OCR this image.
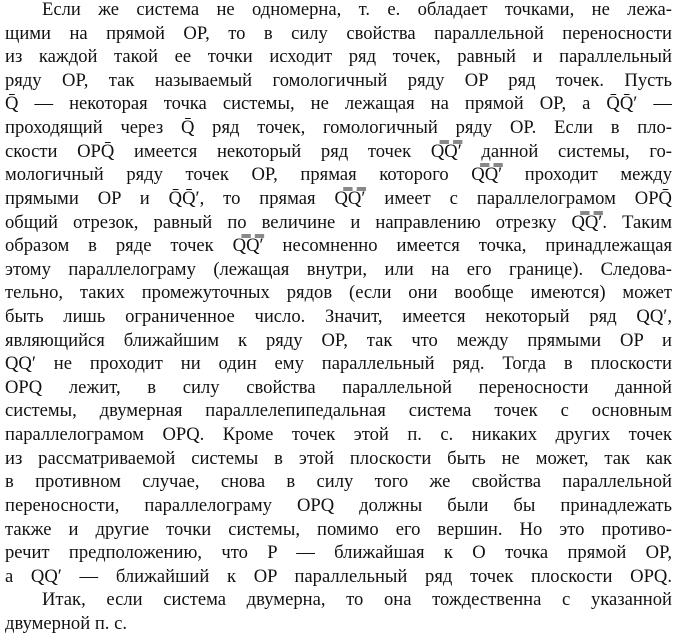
Если же система не одномерна, т. е. обладает точками, не лежа-
щими на прямой OP, то в силу свойства параллельной переносности
из каждой такой ее точки исходит ряд точек, равный и параллельный
ряду OP, так называемый гомологичный ряду OP ряд точек. Пусть
Q̄ — некоторая точка системы, не лежащая на прямой OP, а Q̄Q̄′ —
проходящий через Q̄ ряд точек, гомологичный ряду OP. Если в пло-
скости OPQ̄ имеется некоторый ряд точек Q̿Q̿′ данной системы, го-
мологичный ряду точек OP, прямая которого Q̿Q̿′ проходит между
прямыми OP и Q̄Q̄′, то прямая Q̿Q̿′ имеет с параллелограмом OPQ̄
общий отрезок, равный по величине и направлению отрезку Q̿Q̿′. Таким
образом в ряде точек Q̿Q̿′ несомненно имеется точка, принадлежащая
этому параллелограму (лежащая внутри, или на его границе). Следова-
тельно, таких промежуточных рядов (если они вообще имеются) может
быть лишь ограниченное число. Значит, имеется некоторый ряд QQ′,
являющийся ближайшим к ряду OP, так что между прямыми OP и
QQ′ не проходит ни один ему параллельный ряд. Тогда в плоскости
OPQ лежит, в силу свойства параллельной переносности данной
системы, двумерная параллелепипедальная система точек с основным
параллелограмом OPQ. Кроме точек этой п. с. никаких других точек
из рассматриваемой системы в этой плоскости быть не может, так как
в противном случае, снова в силу того же свойства параллельной
переносности, параллелограму OPQ должны были бы принадлежать
также и другие точки системы, помимо его вершин. Но это противо-
речит предположению, что P — ближайшая к O точка прямой OP,
а QQ′ — ближайший к OP параллельный ряд точек плоскости OPQ.
Итак, если система двумерна, то она тождественна с указанной
двумерной п. с.
